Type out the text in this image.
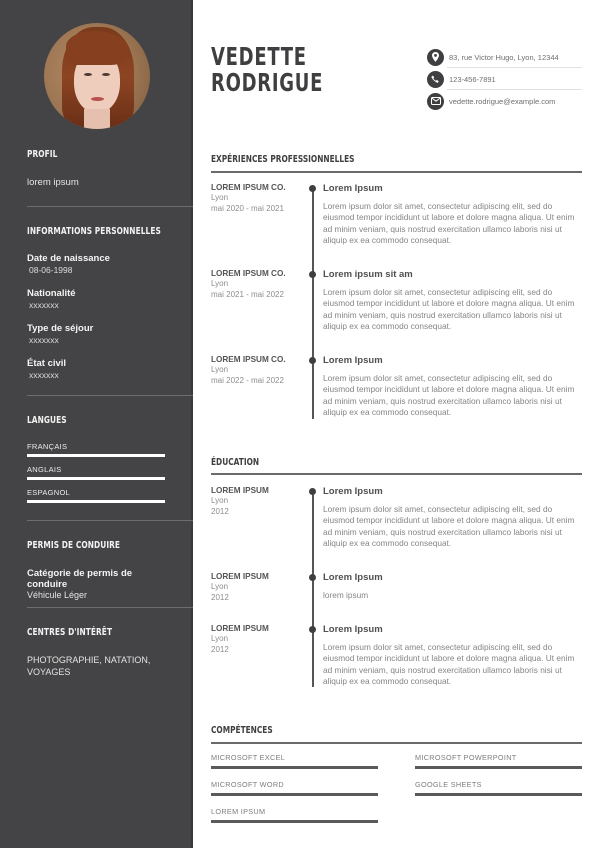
PROFIL
lorem ipsum
INFORMATIONS PERSONNELLES
Date de naissance
08-06-1998
Nationalité
xxxxxxx
Type de séjour
xxxxxxx
État civil
xxxxxxx
LANGUES
FRANÇAIS
ANGLAIS
ESPAGNOL
PERMIS DE CONDUIRE
Catégorie de permis de conduire
Véhicule Léger
CENTRES D'INTÉRÊT
PHOTOGRAPHIE, NATATION,
VOYAGES
VEDETTE
RODRIGUE
83, rue Victor Hugo, Lyon, 12344
123-456-7891
vedette.rodrigue@example.com
EXPÉRIENCES PROFESSIONNELLES
LOREM IPSUM CO.
Lyon
mai 2020 - mai 2021
Lorem Ipsum
Lorem ipsum dolor sit amet, consectetur adipiscing elit, sed do eiusmod tempor incididunt ut labore et dolore magna aliqua. Ut enim ad minim veniam, quis nostrud exercitation ullamco laboris nisi ut aliquip ex ea commodo consequat.
LOREM IPSUM CO.
Lyon
mai 2021 - mai 2022
Lorem ipsum sit am
Lorem ipsum dolor sit amet, consectetur adipiscing elit, sed do eiusmod tempor incididunt ut labore et dolore magna aliqua. Ut enim ad minim veniam, quis nostrud exercitation ullamco laboris nisi ut aliquip ex ea commodo consequat.
LOREM IPSUM CO.
Lyon
mai 2022 - mai 2022
Lorem Ipsum
Lorem ipsum dolor sit amet, consectetur adipiscing elit, sed do eiusmod tempor incididunt ut labore et dolore magna aliqua. Ut enim ad minim veniam, quis nostrud exercitation ullamco laboris nisi ut aliquip ex ea commodo consequat.
ÉDUCATION
LOREM IPSUM
Lyon
2012
Lorem Ipsum
Lorem ipsum dolor sit amet, consectetur adipiscing elit, sed do eiusmod tempor incididunt ut labore et dolore magna aliqua. Ut enim ad minim veniam, quis nostrud exercitation ullamco laboris nisi ut aliquip ex ea commodo consequat.
LOREM IPSUM
Lyon
2012
Lorem Ipsum
lorem ipsum
LOREM IPSUM
Lyon
2012
Lorem Ipsum
Lorem ipsum dolor sit amet, consectetur adipiscing elit, sed do eiusmod tempor incididunt ut labore et dolore magna aliqua. Ut enim ad minim veniam, quis nostrud exercitation ullamco laboris nisi ut aliquip ex ea commodo consequat.
COMPÉTENCES
MICROSOFT EXCEL	MICROSOFT POWERPOINT
MICROSOFT WORD	GOOGLE SHEETS
LOREM IPSUM
